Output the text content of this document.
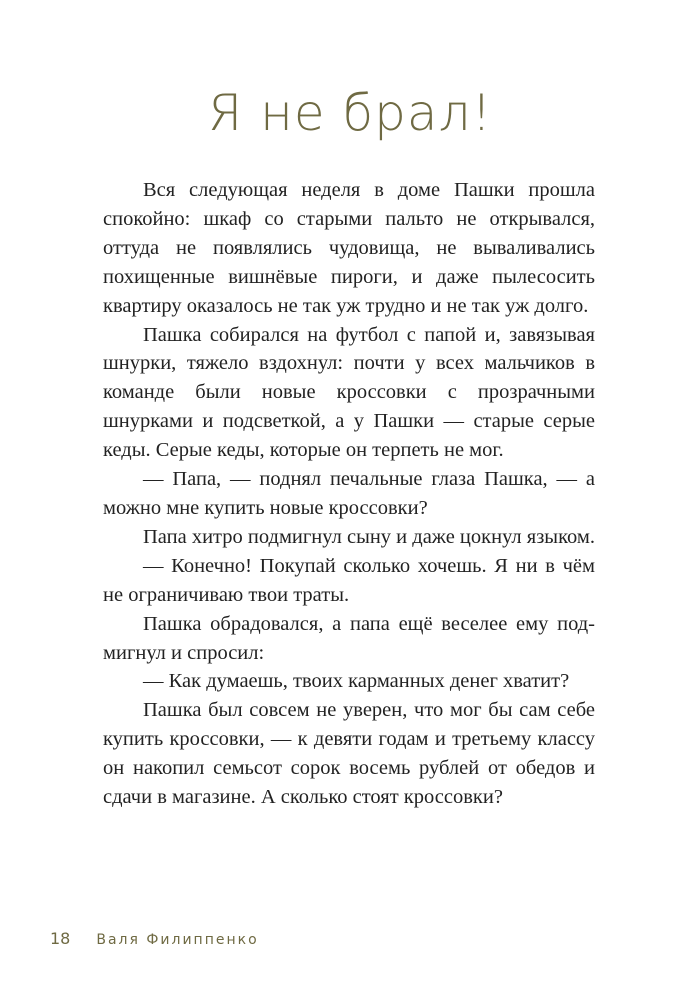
Я не брал!

Вся следующая неделя в доме Пашки прошла спокойно: шкаф со старыми пальто не открывался, оттуда не появлялись чудовища, не вываливались похищенные вишнёвые пироги, и даже пылесосить квартиру оказалось не так уж трудно и не так уж долго.

Пашка собирался на футбол с папой и, завязывая шнурки, тяжело вздохнул: почти у всех мальчиков в команде были новые кроссовки с прозрачными шнурками и подсветкой, а у Пашки — старые серые кеды. Серые кеды, которые он терпеть не мог.

— Папа, — поднял печальные глаза Пашка, — а можно мне купить новые кроссовки?

Папа хитро подмигнул сыну и даже цокнул языком.

— Конечно! Покупай сколько хочешь. Я ни в чём не ограничиваю твои траты.

Пашка обрадовался, а папа ещё веселее ему подмигнул и спросил:

— Как думаешь, твоих карманных денег хватит?

Пашка был совсем не уверен, что мог бы сам себе купить кроссовки, — к девяти годам и третьему классу он накопил семьсот сорок восемь рублей от обедов и сдачи в магазине. А сколько стоят кроссовки?

18 Валя Филиппенко
